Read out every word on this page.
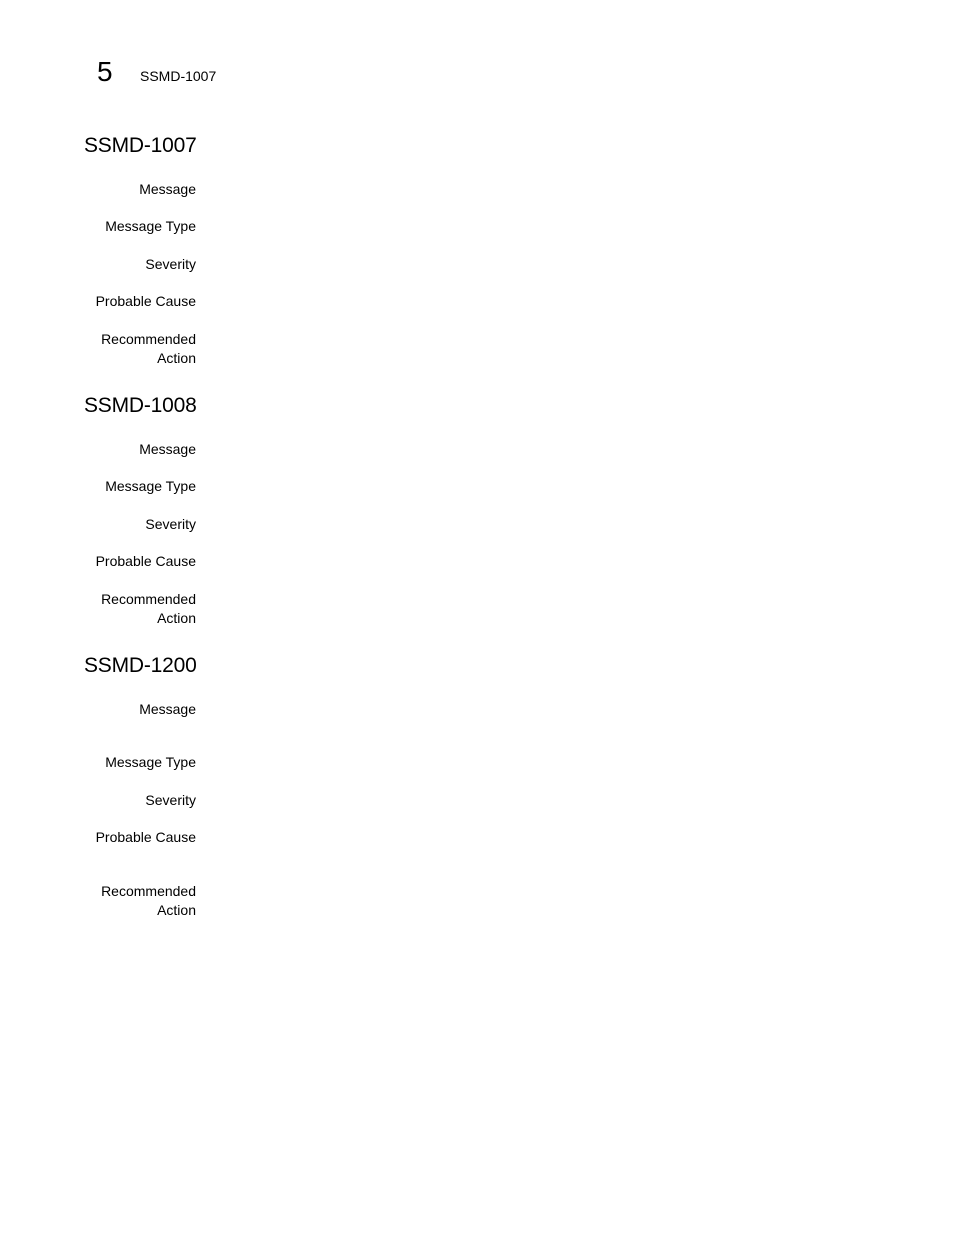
5	SSMD-1007
SSMD-1007
Message
Message Type
Severity
Probable Cause
Recommended
Action
SSMD-1008
Message
Message Type
Severity
Probable Cause
Recommended
Action
SSMD-1200
Message
Message Type
Severity
Probable Cause
Recommended
Action
